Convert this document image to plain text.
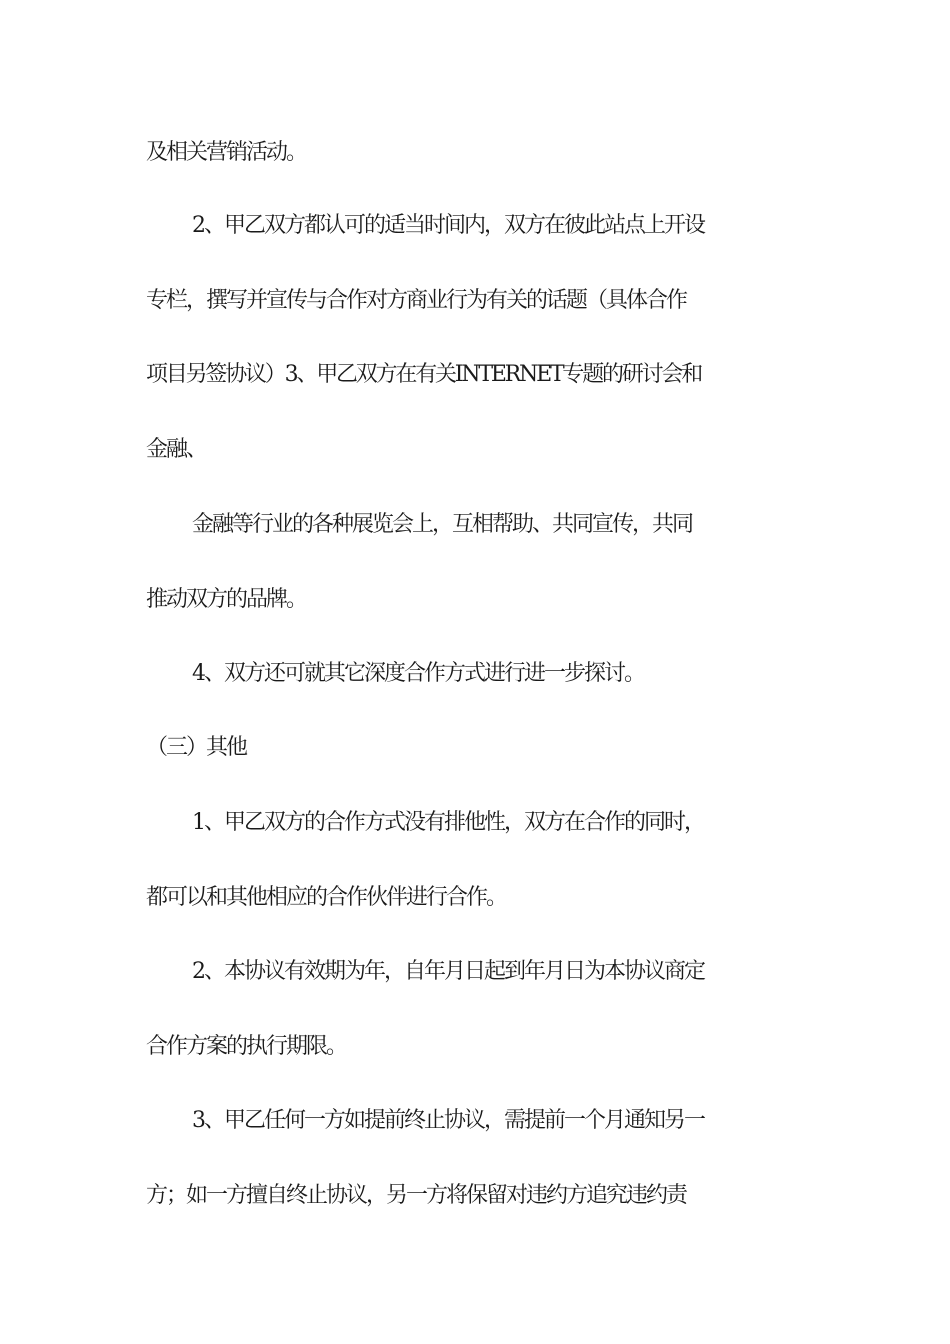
及相关营销活动。
2、甲乙双方都认可的适当时间内，双方在彼此站点上开设
专栏，撰写并宣传与合作对方商业行为有关的话题（具体合作
项目另签协议）3、甲乙双方在有关INTERNET专题的研讨会和
金融、
金融等行业的各种展览会上，互相帮助、共同宣传，共同
推动双方的品牌。
4、双方还可就其它深度合作方式进行进一步探讨。
（三）其他
1、甲乙双方的合作方式没有排他性，双方在合作的同时，
都可以和其他相应的合作伙伴进行合作。
2、本协议有效期为年，自年月日起到年月日为本协议商定
合作方案的执行期限。
3、甲乙任何一方如提前终止协议，需提前一个月通知另一
方；如一方擅自终止协议，另一方将保留对违约方追究违约责
